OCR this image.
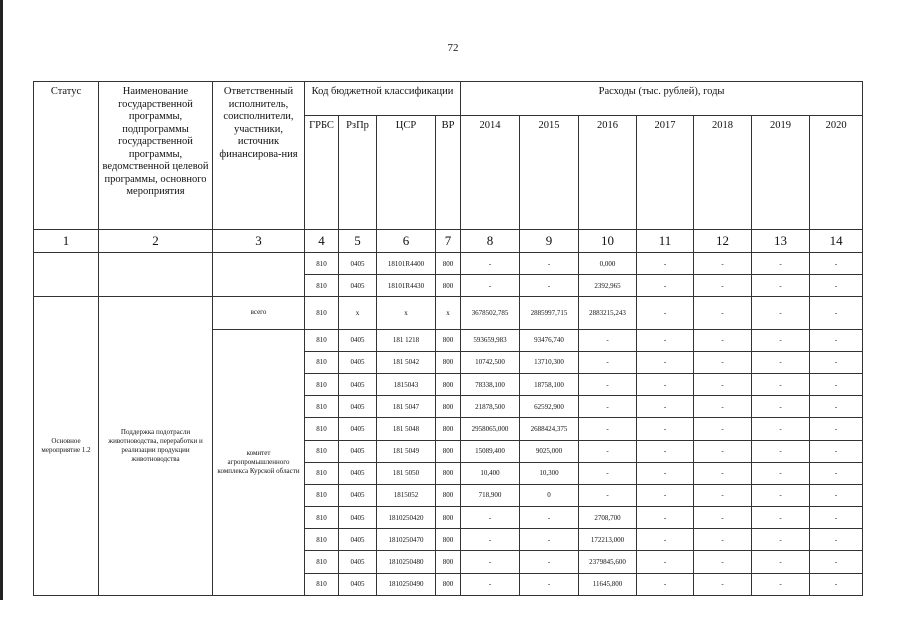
72
Статус	Наименование государственной программы, подпрограммы государственной программы, ведомственной целевой программы, основного мероприятия	Ответственный исполнитель, соисполнители, участники, источник финансирова-ния	Код бюджетной классификации				Расходы (тыс. рублей), годы						
			ГРБС	РзПр	ЦСР	ВР	2014	2015	2016	2017	2018	2019	2020
1	2	3	4	5	6	7	8	9	10	11	12	13	14
			810	0405	18101R4400	800	-	-	0,000	-	-	-	-
			810	0405	18101R4430	800	-	-	2392,965	-	-	-	-
Основное мероприятие 1.2	Поддержка подотрасли животноводства, переработки и реализации продукции животноводства	всего	810	х	х	х	3678502,785	2885997,715	2883215,243	-	-	-	-
		комитет агропромышленного комплекса Курской области	810	0405	181 1218	800	593659,983	93476,740	-	-	-	-	-
			810	0405	181 5042	800	10742,500	13710,300	-	-	-	-	-
			810	0405	1815043	800	78338,100	18758,100	-	-	-	-	-
			810	0405	181 5047	800	21878,500	62592,900	-	-	-	-	-
			810	0405	181 5048	800	2958065,000	2688424,375	-	-	-	-	-
			810	0405	181 5049	800	15089,400	9025,000	-	-	-	-	-
			810	0405	181 5050	800	10,400	10,300	-	-	-	-	-
			810	0405	1815052	800	718,900	0	-	-	-	-	-
			810	0405	1810250420	800	-	-	2708,700	-	-	-	-
			810	0405	1810250470	800	-	-	172213,000	-	-	-	-
			810	0405	1810250480	800	-	-	2379845,600	-	-	-	-
			810	0405	1810250490	800	-	-	11645,800	-	-	-	-
